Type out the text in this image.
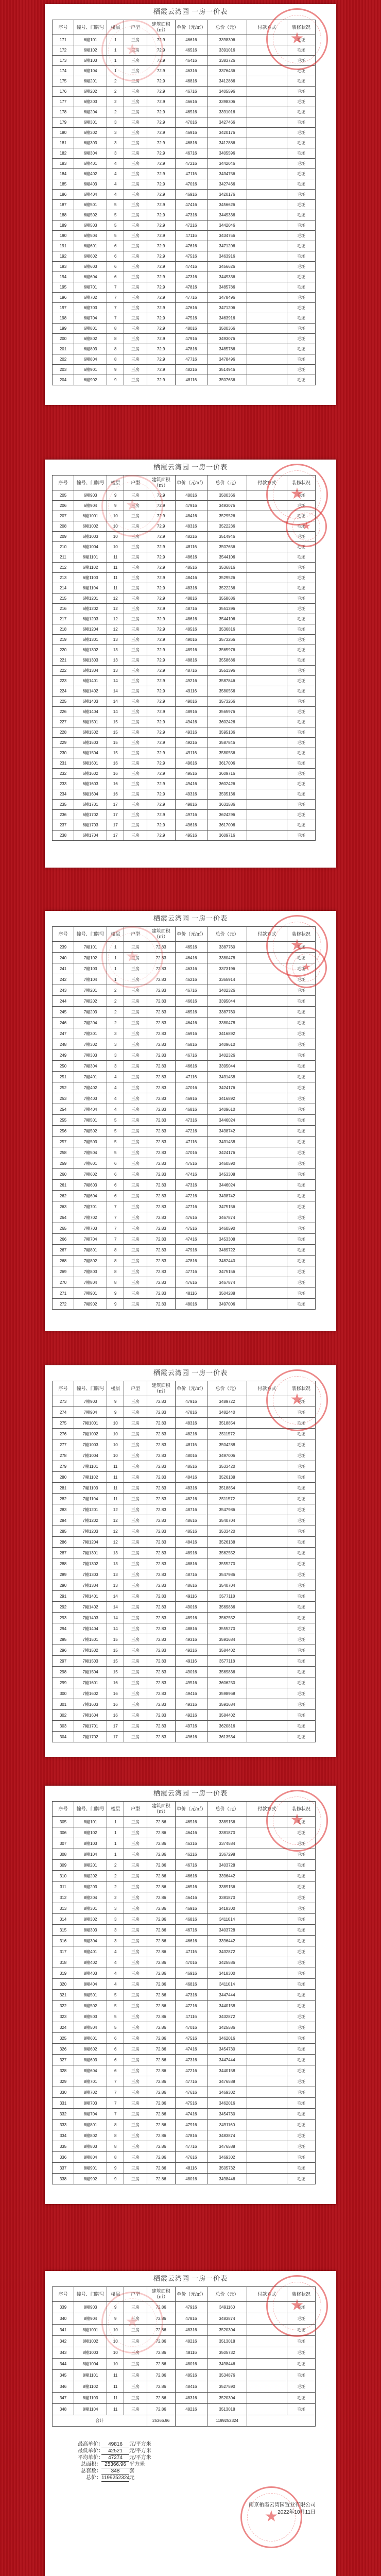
栖霞云湾园 一房一价表
序号	幢号、门牌号	楼层	户型	建筑面积（㎡）	单价（元/㎡）	总价（元）	付款方式	装修状况
171	6幢101	1	三房	72.9	46616	3398306		毛坯
172	6幢102	1	三房	72.9	46516	3391016		毛坯
173	6幢103	1	三房	72.9	46416	3383726		毛坯
174	6幢104	1	三房	72.9	46316	3376436		毛坯
175	6幢201	2	三房	72.9	46816	3412886		毛坯
176	6幢202	2	三房	72.9	46716	3405596		毛坯
177	6幢203	2	三房	72.9	46616	3398306		毛坯
178	6幢204	2	三房	72.9	46516	3391016		毛坯
179	6幢301	3	三房	72.9	47016	3427466		毛坯
180	6幢302	3	三房	72.9	46916	3420176		毛坯
181	6幢303	3	三房	72.9	46816	3412886		毛坯
182	6幢304	3	三房	72.9	46716	3405596		毛坯
183	6幢401	4	三房	72.9	47216	3442046		毛坯
184	6幢402	4	三房	72.9	47116	3434756		毛坯
185	6幢403	4	三房	72.9	47016	3427466		毛坯
186	6幢404	4	三房	72.9	46916	3420176		毛坯
187	6幢501	5	三房	72.9	47416	3456626		毛坯
188	6幢502	5	三房	72.9	47316	3449336		毛坯
189	6幢503	5	三房	72.9	47216	3442046		毛坯
190	6幢504	5	三房	72.9	47116	3434756		毛坯
191	6幢601	6	三房	72.9	47616	3471206		毛坯
192	6幢602	6	三房	72.9	47516	3463916		毛坯
193	6幢603	6	三房	72.9	47416	3456626		毛坯
194	6幢604	6	三房	72.9	47316	3449336		毛坯
195	6幢701	7	三房	72.9	47816	3485786		毛坯
196	6幢702	7	三房	72.9	47716	3478496		毛坯
197	6幢703	7	三房	72.9	47616	3471206		毛坯
198	6幢704	7	三房	72.9	47516	3463916		毛坯
199	6幢801	8	三房	72.9	48016	3500366		毛坯
200	6幢802	8	三房	72.9	47916	3493076		毛坯
201	6幢803	8	三房	72.9	47816	3485786		毛坯
202	6幢804	8	三房	72.9	47716	3478496		毛坯
203	6幢901	9	三房	72.9	48216	3514946		毛坯
204	6幢902	9	三房	72.9	48116	3507656		毛坯
★
★
栖霞云湾园 一房一价表
序号	幢号、门牌号	楼层	户型	建筑面积（㎡）	单价（元/㎡）	总价（元）	付款方式	装修状况
205	6幢903	9	三房	72.9	48016	3500366		毛坯
206	6幢904	9	三房	72.9	47916	3493076		毛坯
207	6幢1001	10	三房	72.9	48416	3529526		毛坯
208	6幢1002	10	三房	72.9	48316	3522236		毛坯
209	6幢1003	10	三房	72.9	48216	3514946		毛坯
210	6幢1004	10	三房	72.9	48116	3507656		毛坯
211	6幢1101	11	三房	72.9	48616	3544106		毛坯
212	6幢1102	11	三房	72.9	48516	3536816		毛坯
213	6幢1103	11	三房	72.9	48416	3529526		毛坯
214	6幢1104	11	三房	72.9	48316	3522236		毛坯
215	6幢1201	12	三房	72.9	48816	3558686		毛坯
216	6幢1202	12	三房	72.9	48716	3551396		毛坯
217	6幢1203	12	三房	72.9	48616	3544106		毛坯
218	6幢1204	12	三房	72.9	48516	3536816		毛坯
219	6幢1301	13	三房	72.9	49016	3573266		毛坯
220	6幢1302	13	三房	72.9	48916	3565976		毛坯
221	6幢1303	13	三房	72.9	48816	3558686		毛坯
222	6幢1304	13	三房	72.9	48716	3551396		毛坯
223	6幢1401	14	三房	72.9	49216	3587846		毛坯
224	6幢1402	14	三房	72.9	49116	3580556		毛坯
225	6幢1403	14	三房	72.9	49016	3573266		毛坯
226	6幢1404	14	三房	72.9	48916	3565976		毛坯
227	6幢1501	15	三房	72.9	49416	3602426		毛坯
228	6幢1502	15	三房	72.9	49316	3595136		毛坯
229	6幢1503	15	三房	72.9	49216	3587846		毛坯
230	6幢1504	15	三房	72.9	49116	3580556		毛坯
231	6幢1601	16	三房	72.9	49616	3617006		毛坯
232	6幢1602	16	三房	72.9	49516	3609716		毛坯
233	6幢1603	16	三房	72.9	49416	3602426		毛坯
234	6幢1604	16	三房	72.9	49316	3595136		毛坯
235	6幢1701	17	三房	72.9	49816	3631586		毛坯
236	6幢1702	17	三房	72.9	49716	3624296		毛坯
237	6幢1703	17	三房	72.9	49616	3617006		毛坯
238	6幢1704	17	三房	72.9	49516	3609716		毛坯
★
★
★
栖霞云湾园 一房一价表
序号	幢号、门牌号	楼层	户型	建筑面积（㎡）	单价（元/㎡）	总价（元）	付款方式	装修状况
239	7幢101	1	三房	72.83	46516	3387760		毛坯
240	7幢102	1	三房	72.83	46416	3380478		毛坯
241	7幢103	1	三房	72.83	46316	3373196		毛坯
242	7幢104	1	三房	72.83	46216	3365914		毛坯
243	7幢201	2	三房	72.83	46716	3402326		毛坯
244	7幢202	2	三房	72.83	46616	3395044		毛坯
245	7幢203	2	三房	72.83	46516	3387760		毛坯
246	7幢204	2	三房	72.83	46416	3380478		毛坯
247	7幢301	3	三房	72.83	46916	3416892		毛坯
248	7幢302	3	三房	72.83	46816	3409610		毛坯
249	7幢303	3	三房	72.83	46716	3402326		毛坯
250	7幢304	3	三房	72.83	46616	3395044		毛坯
251	7幢401	4	三房	72.83	47116	3431458		毛坯
252	7幢402	4	三房	72.83	47016	3424176		毛坯
253	7幢403	4	三房	72.83	46916	3416892		毛坯
254	7幢404	4	三房	72.83	46816	3409610		毛坯
255	7幢501	5	三房	72.83	47316	3446024		毛坯
256	7幢502	5	三房	72.83	47216	3438742		毛坯
257	7幢503	5	三房	72.83	47116	3431458		毛坯
258	7幢504	5	三房	72.83	47016	3424176		毛坯
259	7幢601	6	三房	72.83	47516	3460590		毛坯
260	7幢602	6	三房	72.83	47416	3453308		毛坯
261	7幢603	6	三房	72.83	47316	3446024		毛坯
262	7幢604	6	三房	72.83	47216	3438742		毛坯
263	7幢701	7	三房	72.83	47716	3475156		毛坯
264	7幢702	7	三房	72.83	47616	3467874		毛坯
265	7幢703	7	三房	72.83	47516	3460590		毛坯
266	7幢704	7	三房	72.83	47416	3453308		毛坯
267	7幢801	8	三房	72.83	47916	3489722		毛坯
268	7幢802	8	三房	72.83	47816	3482440		毛坯
269	7幢803	8	三房	72.83	47716	3475156		毛坯
270	7幢804	8	三房	72.83	47616	3467874		毛坯
271	7幢901	9	三房	72.83	48116	3504288		毛坯
272	7幢902	9	三房	72.83	48016	3497006		毛坯
★
★
★
栖霞云湾园 一房一价表
序号	幢号、门牌号	楼层	户型	建筑面积（㎡）	单价（元/㎡）	总价（元）	付款方式	装修状况
273	7幢903	9	三房	72.83	47916	3489722		毛坯
274	7幢904	9	三房	72.83	47816	3482440		毛坯
275	7幢1001	10	三房	72.83	48316	3518854		毛坯
276	7幢1002	10	三房	72.83	48216	3511572		毛坯
277	7幢1003	10	三房	72.83	48116	3504288		毛坯
278	7幢1004	10	三房	72.83	48016	3497006		毛坯
279	7幢1101	11	三房	72.83	48516	3533420		毛坯
280	7幢1102	11	三房	72.83	48416	3526138		毛坯
281	7幢1103	11	三房	72.83	48316	3518854		毛坯
282	7幢1104	11	三房	72.83	48216	3511572		毛坯
283	7幢1201	12	三房	72.83	48716	3547986		毛坯
284	7幢1202	12	三房	72.83	48616	3540704		毛坯
285	7幢1203	12	三房	72.83	48516	3533420		毛坯
286	7幢1204	12	三房	72.83	48416	3526138		毛坯
287	7幢1301	13	三房	72.83	48916	3562552		毛坯
288	7幢1302	13	三房	72.83	48816	3555270		毛坯
289	7幢1303	13	三房	72.83	48716	3547986		毛坯
290	7幢1304	13	三房	72.83	48616	3540704		毛坯
291	7幢1401	14	三房	72.83	49116	3577118		毛坯
292	7幢1402	14	三房	72.83	49016	3569836		毛坯
293	7幢1403	14	三房	72.83	48916	3562552		毛坯
294	7幢1404	14	三房	72.83	48816	3555270		毛坯
295	7幢1501	15	三房	72.83	49316	3591684		毛坯
296	7幢1502	15	三房	72.83	49216	3584402		毛坯
297	7幢1503	15	三房	72.83	49116	3577118		毛坯
298	7幢1504	15	三房	72.83	49016	3569836		毛坯
299	7幢1601	16	三房	72.83	49516	3606250		毛坯
300	7幢1602	16	三房	72.83	49416	3598968		毛坯
301	7幢1603	16	三房	72.83	49316	3591684		毛坯
302	7幢1604	16	三房	72.83	49216	3584402		毛坯
303	7幢1701	17	三房	72.83	49716	3620816		毛坯
304	7幢1702	17	三房	72.83	49616	3613534		毛坯
★
栖霞云湾园 一房一价表
序号	幢号、门牌号	楼层	户型	建筑面积（㎡）	单价（元/㎡）	总价（元）	付款方式	装修状况
305	8幢101	1	三房	72.86	46516	3389156		毛坯
306	8幢102	1	三房	72.86	46416	3381870		毛坯
307	8幢103	1	三房	72.86	46316	3374584		毛坯
308	8幢104	1	三房	72.86	46216	3367298		毛坯
309	8幢201	2	三房	72.86	46716	3403728		毛坯
310	8幢202	2	三房	72.86	46616	3396442		毛坯
311	8幢203	2	三房	72.86	46516	3389156		毛坯
312	8幢204	2	三房	72.86	46416	3381870		毛坯
313	8幢301	3	三房	72.86	46916	3418300		毛坯
314	8幢302	3	三房	72.86	46816	3411014		毛坯
315	8幢303	3	三房	72.86	46716	3403728		毛坯
316	8幢304	3	三房	72.86	46616	3396442		毛坯
317	8幢401	4	三房	72.86	47116	3432872		毛坯
318	8幢402	4	三房	72.86	47016	3425586		毛坯
319	8幢403	4	三房	72.86	46916	3418300		毛坯
320	8幢404	4	三房	72.86	46816	3411014		毛坯
321	8幢501	5	三房	72.86	47316	3447444		毛坯
322	8幢502	5	三房	72.86	47216	3440158		毛坯
323	8幢503	5	三房	72.86	47116	3432872		毛坯
324	8幢504	5	三房	72.86	47016	3425586		毛坯
325	8幢601	6	三房	72.86	47516	3462016		毛坯
326	8幢602	6	三房	72.86	47416	3454730		毛坯
327	8幢603	6	三房	72.86	47316	3447444		毛坯
328	8幢604	6	三房	72.86	47216	3440158		毛坯
329	8幢701	7	三房	72.86	47716	3476588		毛坯
330	8幢702	7	三房	72.86	47616	3469302		毛坯
331	8幢703	7	三房	72.86	47516	3462016		毛坯
332	8幢704	7	三房	72.86	47416	3454730		毛坯
333	8幢801	8	三房	72.86	47916	3491160		毛坯
334	8幢802	8	三房	72.86	47816	3483874		毛坯
335	8幢803	8	三房	72.86	47716	3476588		毛坯
336	8幢804	8	三房	72.86	47616	3469302		毛坯
337	8幢901	9	三房	72.86	48116	3505732		毛坯
338	8幢902	9	三房	72.86	48016	3498446		毛坯
★
栖霞云湾园 一房一价表
序号	幢号、门牌号	楼层	户型	建筑面积（㎡）	单价（元/㎡）	总价（元）	付款方式	装修状况
339	8幢903	9	三房	72.86	47916	3491160		毛坯
340	8幢904	9	三房	72.86	47816	3483874		毛坯
341	8幢1001	10	三房	72.86	48316	3520304		毛坯
342	8幢1002	10	三房	72.86	48216	3513018		毛坯
343	8幢1003	10	三房	72.86	48116	3505732		毛坯
344	8幢1004	10	三房	72.86	48016	3498446		毛坯
345	8幢1101	11	三房	72.86	48516	3534876		毛坯
346	8幢1102	11	三房	72.86	48416	3527590		毛坯
347	8幢1103	11	三房	72.86	48316	3520304		毛坯
348	8幢1104	11	三房	72.86	48216	3513018		毛坯
合计				25366.96		1199252324		
★
★
最高单价： 49816 元/平方米
最低单价： 42521 元/平方米
平均单价： 47274 元/平方米
总面积： 25366.96 平方米
总套数： 348 套
总价：1199252324元
南京栖霞云湾园置业有限公司
2022年10月11日
★
